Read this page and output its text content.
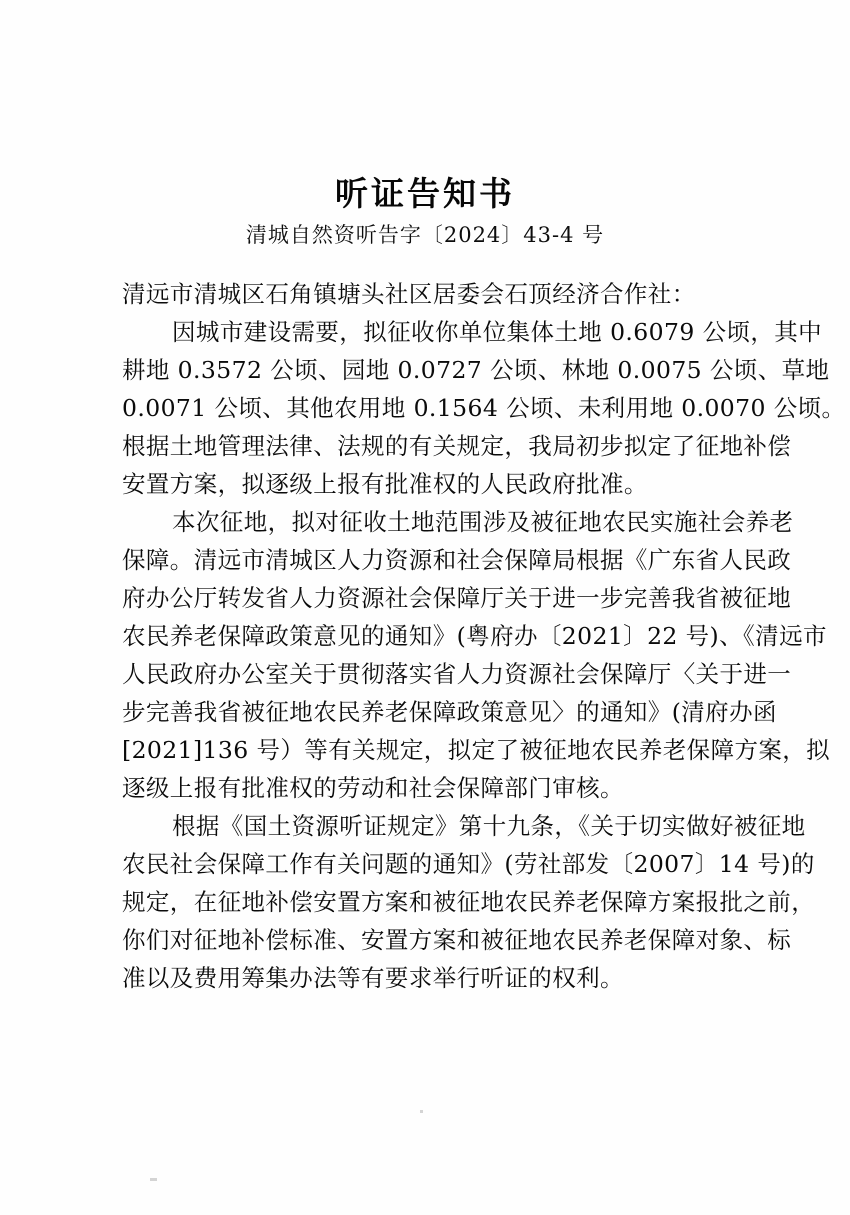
听证告知书
清城自然资听告字〔2024〕43-4 号
清远市清城区石角镇塘头社区居委会石顶经济合作社：
因城市建设需要，拟征收你单位集体土地 0.6079 公顷，其中
耕地 0.3572 公顷、园地 0.0727 公顷、林地 0.0075 公顷、草地
0.0071 公顷、其他农用地 0.1564 公顷、未利用地 0.0070 公顷。
根据土地管理法律、法规的有关规定，我局初步拟定了征地补偿
安置方案，拟逐级上报有批准权的人民政府批准。
本次征地，拟对征收土地范围涉及被征地农民实施社会养老
保障。清远市清城区人力资源和社会保障局根据《广东省人民政
府办公厅转发省人力资源社会保障厅关于进一步完善我省被征地
农民养老保障政策意见的通知》(粤府办〔2021〕22 号)、《清远市
人民政府办公室关于贯彻落实省人力资源社会保障厅〈关于进一
步完善我省被征地农民养老保障政策意见〉的通知》(清府办函
[2021]136 号）等有关规定，拟定了被征地农民养老保障方案，拟
逐级上报有批准权的劳动和社会保障部门审核。
根据《国土资源听证规定》第十九条，《关于切实做好被征地
农民社会保障工作有关问题的通知》(劳社部发〔2007〕14 号)的
规定，在征地补偿安置方案和被征地农民养老保障方案报批之前，
你们对征地补偿标准、安置方案和被征地农民养老保障对象、标
准以及费用筹集办法等有要求举行听证的权利。
